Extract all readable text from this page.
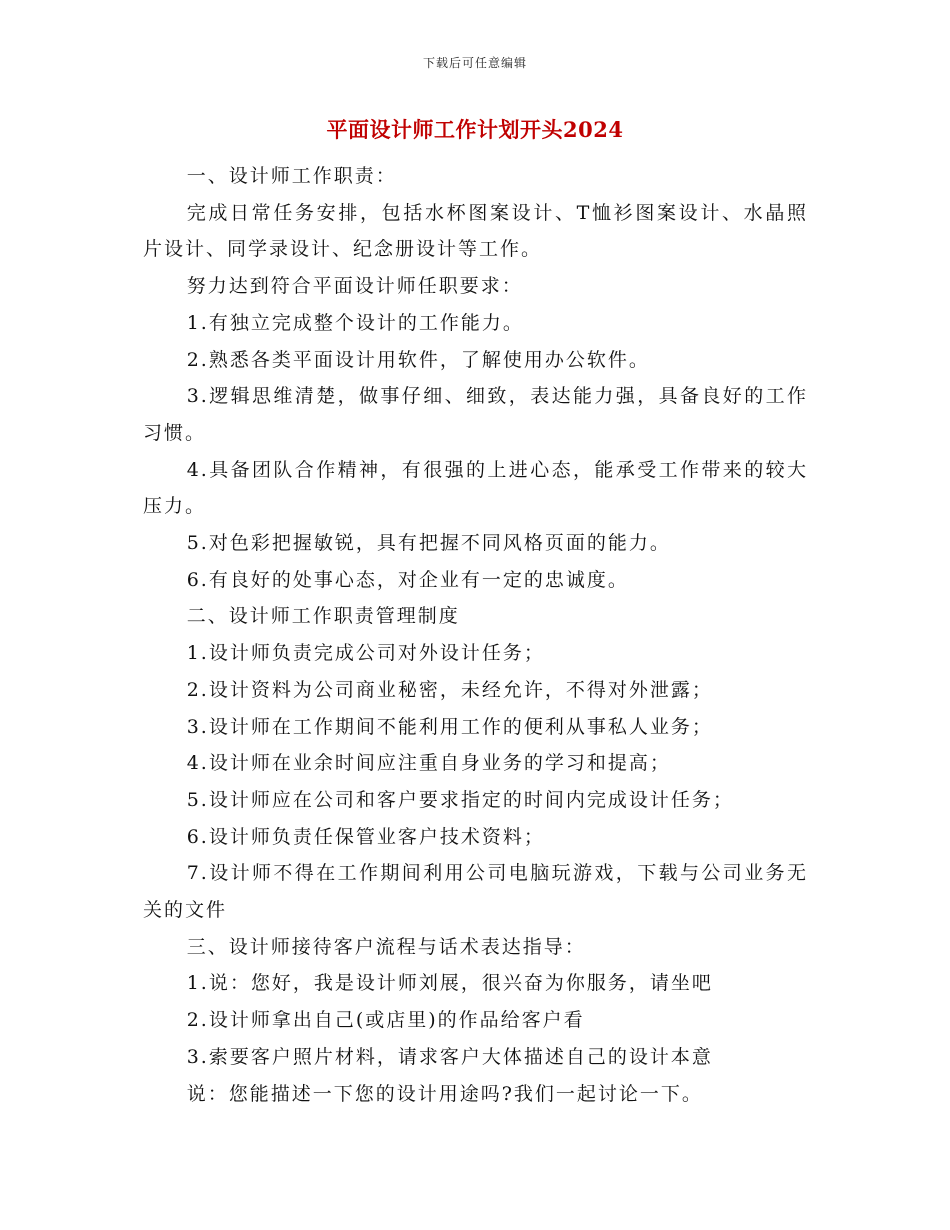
下载后可任意编辑
平面设计师工作计划开头2024

一、设计师工作职责：

完成日常任务安排，包括水杯图案设计、T恤衫图案设计、水晶照片设计、同学录设计、纪念册设计等工作。

努力达到符合平面设计师任职要求：

1.有独立完成整个设计的工作能力。

2.熟悉各类平面设计用软件，了解使用办公软件。

3.逻辑思维清楚，做事仔细、细致，表达能力强，具备良好的工作习惯。

4.具备团队合作精神，有很强的上进心态，能承受工作带来的较大压力。

5.对色彩把握敏锐，具有把握不同风格页面的能力。

6.有良好的处事心态，对企业有一定的忠诚度。

二、设计师工作职责管理制度

1.设计师负责完成公司对外设计任务；

2.设计资料为公司商业秘密，未经允许，不得对外泄露；

3.设计师在工作期间不能利用工作的便利从事私人业务；

4.设计师在业余时间应注重自身业务的学习和提高；

5.设计师应在公司和客户要求指定的时间内完成设计任务；

6.设计师负责任保管业客户技术资料；

7.设计师不得在工作期间利用公司电脑玩游戏，下载与公司业务无关的文件

三、设计师接待客户流程与话术表达指导：

1.说：您好，我是设计师刘展，很兴奋为你服务，请坐吧

2.设计师拿出自己(或店里)的作品给客户看

3.索要客户照片材料，请求客户大体描述自己的设计本意

说：您能描述一下您的设计用途吗?我们一起讨论一下。
